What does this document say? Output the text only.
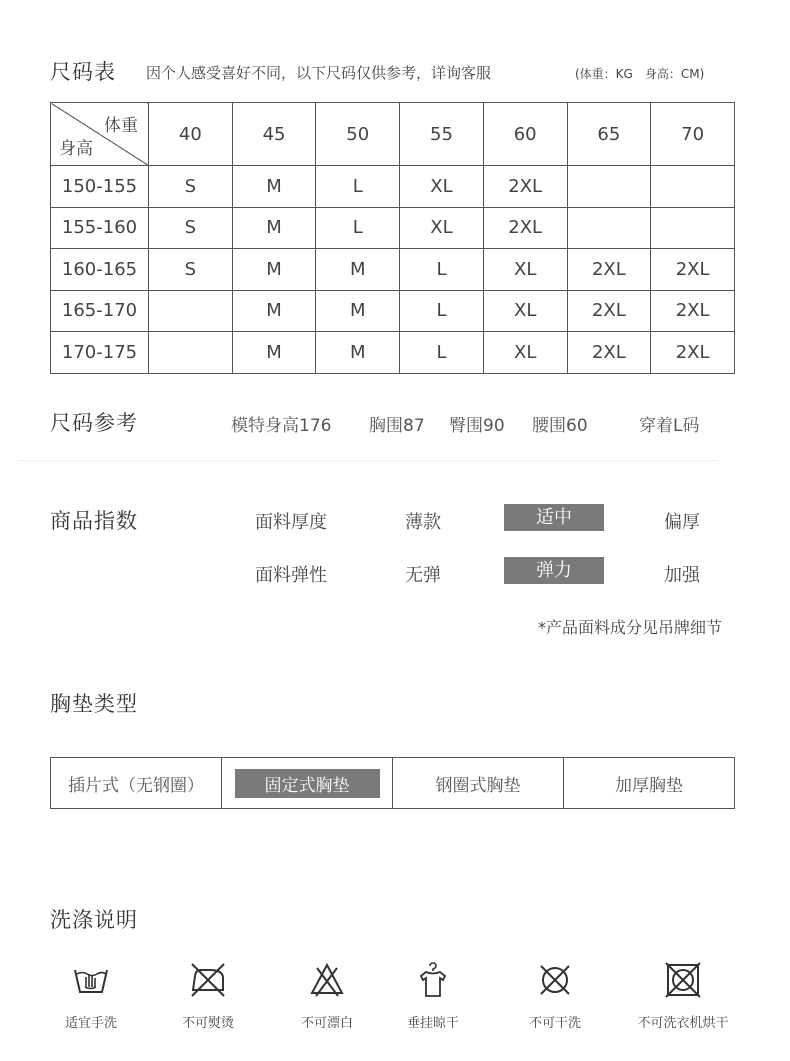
尺码表 因个人感受喜好不同，以下尺码仅供参考，详询客服	(体重：KG　身高：CM)
体重
身高	40	45	50	55	60	65	70
150-155	S	M	L	XL	2XL		
155-160	S	M	L	XL	2XL		
160-165	S	M	M	L	XL	2XL	2XL
165-170		M	M	L	XL	2XL	2XL
170-175		M	M	L	XL	2XL	2XL
尺码参考	模特身高176 胸围87 臀围90 腰围60	穿着L码
商品指数	面料厚度	薄款	适中	偏厚
面料弹性	无弹	弹力	加强
*产品面料成分见吊牌细节
胸垫类型
插片式（无钢圈）	固定式胸垫	钢圈式胸垫	加厚胸垫
洗涤说明
适宜手洗	不可熨烫	不可漂白	垂挂晾干	不可干洗	不可洗衣机烘干
